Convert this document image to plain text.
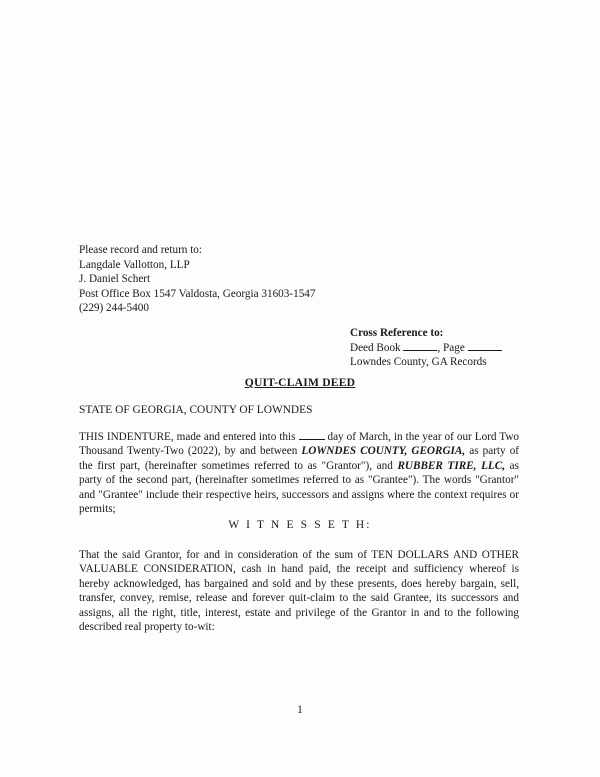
Please record and return to:
Langdale Vallotton, LLP
J. Daniel Schert
Post Office Box 1547 Valdosta, Georgia 31603-1547
(229) 244-5400
Cross Reference to:
Deed Book	, Page
Lowndes County, GA Records
QUIT-CLAIM DEED
STATE OF GEORGIA, COUNTY OF LOWNDES
THIS INDENTURE, made and entered into this	day of March, in the year of our Lord Two Thousand Twenty-Two (2022), by and between LOWNDES COUNTY, GEORGIA, as party of the first part, (hereinafter sometimes referred to as "Grantor"), and RUBBER TIRE, LLC, as party of the second part, (hereinafter sometimes referred to as "Grantee"). The words "Grantor" and "Grantee" include their respective heirs, successors and assigns where the context requires or permits;
W I T N E S S E T H:
That the said Grantor, for and in consideration of the sum of TEN DOLLARS AND OTHER VALUABLE CONSIDERATION, cash in hand paid, the receipt and sufficiency whereof is hereby acknowledged, has bargained and sold and by these presents, does hereby bargain, sell, transfer, convey, remise, release and forever quit-claim to the said Grantee, its successors and assigns, all the right, title, interest, estate and privilege of the Grantor in and to the following described real property to-wit:
1
